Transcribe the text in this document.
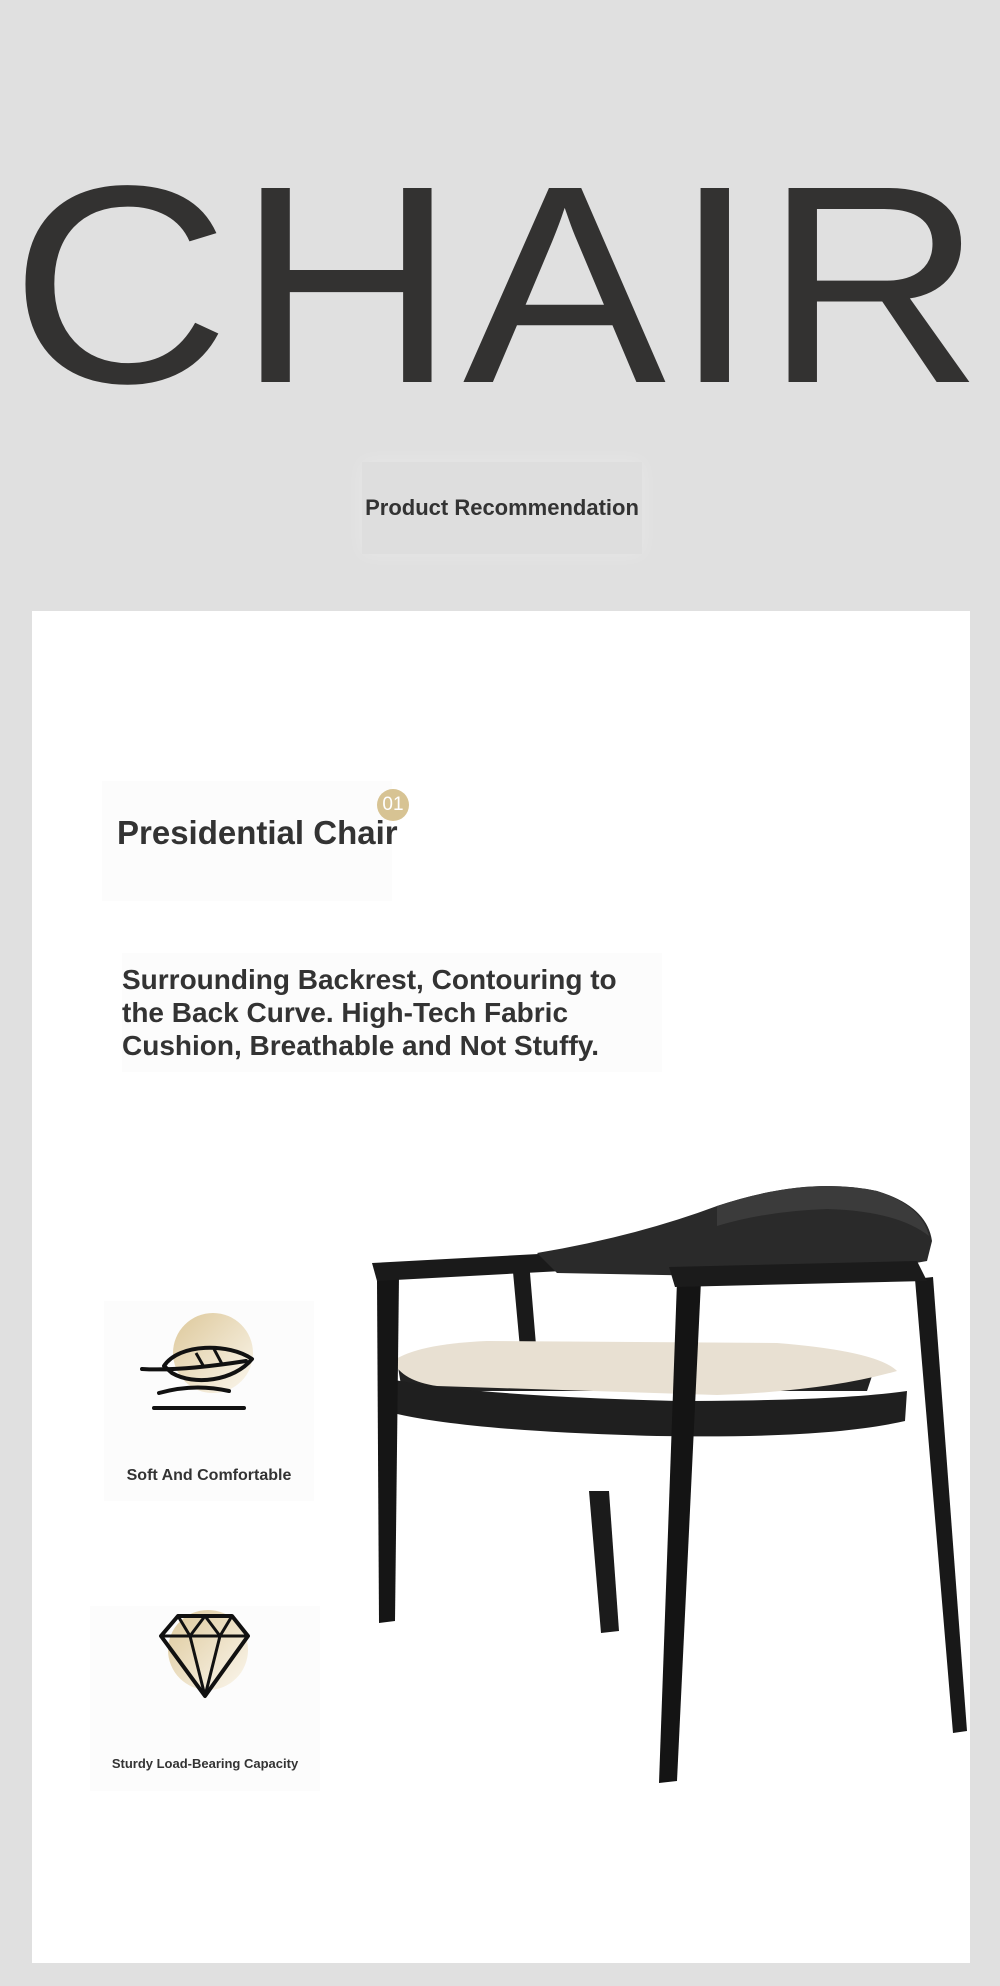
CHAIR
Product Recommendation
01
Presidential Chair

Surrounding Backrest, Contouring to the Back Curve. High-Tech Fabric Cushion, Breathable and Not Stuffy.

Soft And Comfortable
Sturdy Load-Bearing Capacity
